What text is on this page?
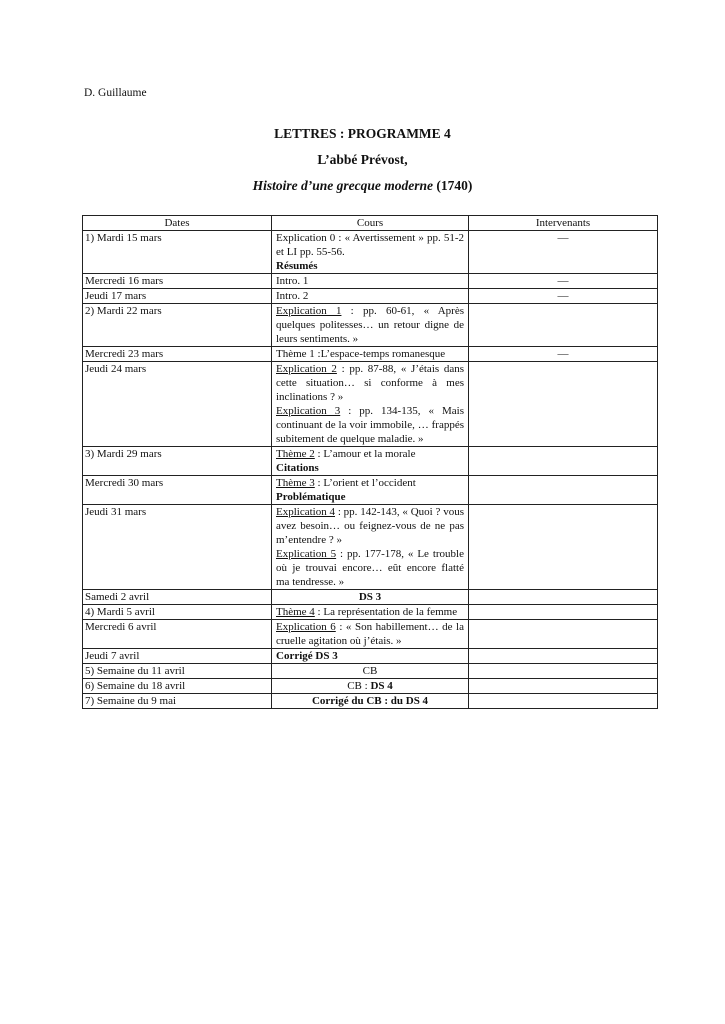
D. Guillaume
LETTRES : PROGRAMME 4
L’abbé Prévost,
Histoire d’une grecque moderne (1740)
Dates	Cours	Intervenants
1) Mardi 15 mars	Explication 0 : « Avertissement » pp. 51-2 et LI pp. 55-56.
Résumés	—
Mercredi 16 mars	Intro. 1	—
Jeudi 17 mars	Intro. 2	—
2) Mardi 22 mars	Explication 1 : pp. 60-61, « Après quelques politesses… un retour digne de leurs sentiments. »	
Mercredi 23 mars	Thème 1 :L’espace-temps romanesque	—
Jeudi 24 mars	Explication 2 : pp. 87-88, « J’étais dans cette situation… si conforme à mes inclinations ? »
Explication 3 : pp. 134-135, « Mais continuant de la voir immobile, … frappés subitement de quelque maladie. »	
3) Mardi 29 mars	Thème 2 : L’amour et la morale
Citations	

Mercredi 30 mars	Thème 3 : L’orient et l’occident
Problématique	

Jeudi 31 mars	Explication 4 : pp. 142-143, « Quoi ? vous avez besoin… ou feignez-vous de ne pas m’entendre ? »
Explication 5 : pp. 177-178, « Le trouble où je trouvai encore… eût encore flatté ma tendresse. »	
Samedi 2 avril	DS 3	
4) Mardi 5 avril	Thème 4 : La représentation de la femme	
Mercredi 6 avril	Explication 6 : « Son habillement… de la cruelle agitation où j’étais. »	
Jeudi 7 avril	Corrigé DS 3	
5) Semaine du 11 avril	CB	
6) Semaine du 18 avril	CB : DS 4	
7) Semaine du 9 mai	Corrigé du CB : du DS 4	
